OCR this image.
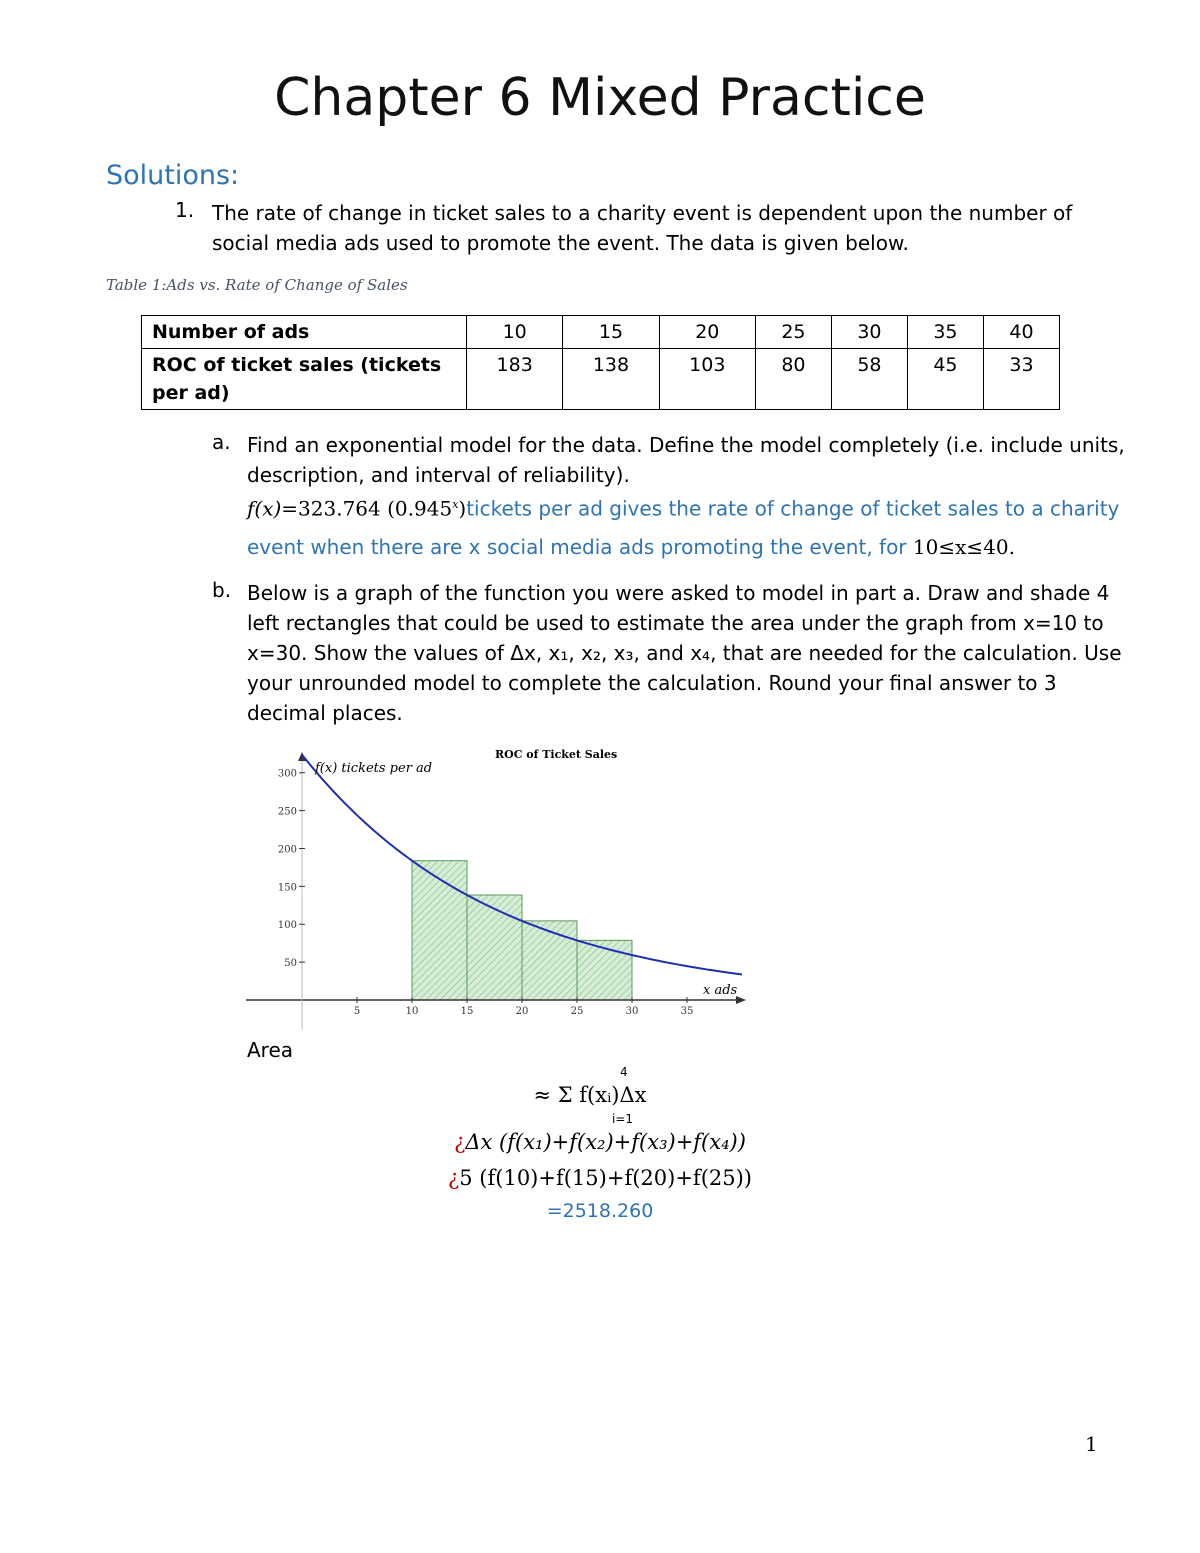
Chapter 6 Mixed Practice
Solutions:
1. The rate of change in ticket sales to a charity event is dependent upon the number of social media ads used to promote the event. The data is given below.
Table 1:Ads vs. Rate of Change of Sales
Number of ads	10	15	20	25	30	35	40
ROC of ticket sales (tickets per ad)	183	138	103	80	58	45	33
a. Find an exponential model for the data. Define the model completely (i.e. include units, description, and interval of reliability).
f(x)=323.764 (0.945$^x$)tickets per ad gives the rate of change of ticket sales to a charity event when there are x social media ads promoting the event, for 10≤x≤40.
b. Below is a graph of the function you were asked to model in part a. Draw and shade 4 left rectangles that could be used to estimate the area under the graph from x=10 to x=30. Show the values of Δx, x₁, x₂, x₃, and x₄, that are needed for the calculation. Use your unrounded model to complete the calculation. Round your final answer to 3 decimal places.
5	10	15	20	25	30	35
300
250
200
150
100
50
ROC of Ticket Sales
f(x) tickets per ad
x ads
Area
4
i=1
≈ Σ f(xᵢ)Δx
¿Δx (f(x₁)+f(x₂)+f(x₃)+f(x₄))
¿5 (f(10)+f(15)+f(20)+f(25))
=2518.260
1
